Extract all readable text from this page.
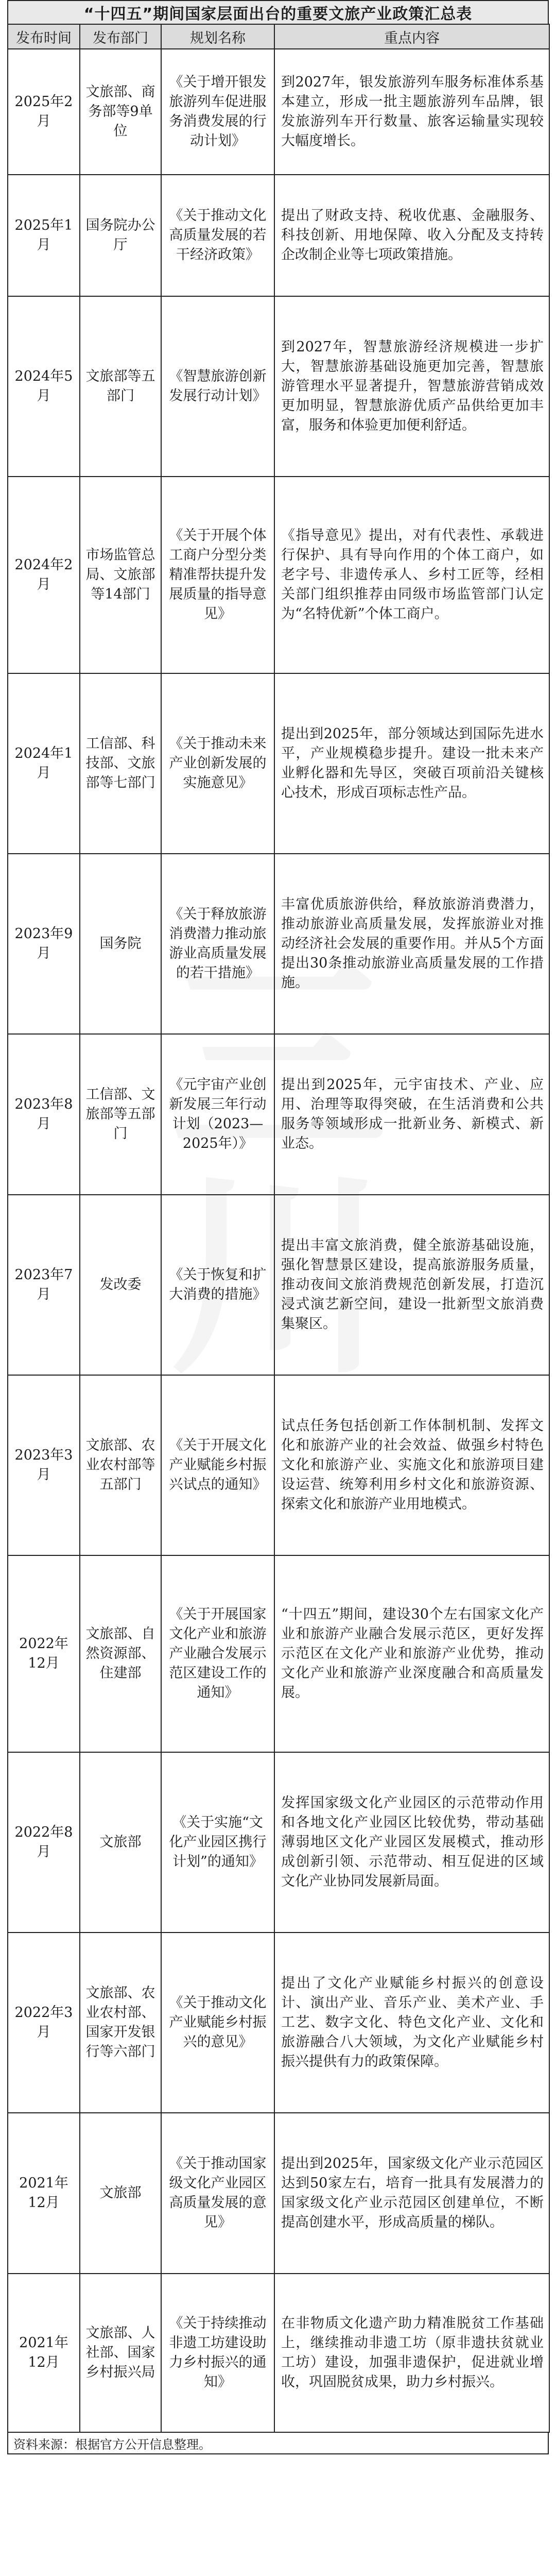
“十四五”期间国家层面出台的重要文旅产业政策汇总表
发布时间	发布部门	规划名称	重点内容
2025年2月	文旅部、商务部等9单位	《关于增开银发旅游列车促进服务消费发展的行动计划》	到2027年，银发旅游列车服务标准体系基本建立，形成一批主题旅游列车品牌，银发旅游列车开行数量、旅客运输量实现较大幅度增长。
2025年1月	国务院办公厅	《关于推动文化高质量发展的若干经济政策》	提出了财政支持、税收优惠、金融服务、科技创新、用地保障、收入分配及支持转企改制企业等七项政策措施。
2024年5月	文旅部等五部门	《智慧旅游创新发展行动计划》	到2027年，智慧旅游经济规模进一步扩大，智慧旅游基础设施更加完善，智慧旅游管理水平显著提升，智慧旅游营销成效更加明显，智慧旅游优质产品供给更加丰富，服务和体验更加便利舒适。
2024年2月	市场监管总局、文旅部等14部门	《关于开展个体工商户分型分类精准帮扶提升发展质量的指导意见》	《指导意见》提出，对有代表性、承载进行保护、具有导向作用的个体工商户，如老字号、非遗传承人、乡村工匠等，经相关部门组织推荐由同级市场监管部门认定为“名特优新”个体工商户。
2024年1月	工信部、科技部、文旅部等七部门	《关于推动未来产业创新发展的实施意见》	提出到2025年，部分领域达到国际先进水平，产业规模稳步提升。建设一批未来产业孵化器和先导区，突破百项前沿关键核心技术，形成百项标志性产品。
2023年9月	国务院	《关于释放旅游消费潜力推动旅游业高质量发展的若干措施》	丰富优质旅游供给，释放旅游消费潜力，推动旅游业高质量发展，发挥旅游业对推动经济社会发展的重要作用。并从5个方面提出30条推动旅游业高质量发展的工作措施。
2023年8月	工信部、文旅部等五部门	《元宇宙产业创新发展三年行动计划（2023—2025年）》	提出到2025年，元宇宙技术、产业、应用、治理等取得突破，在生活消费和公共服务等领域形成一批新业务、新模式、新业态。
2023年7月	发改委	《关于恢复和扩大消费的措施》	提出丰富文旅消费，健全旅游基础设施，强化智慧景区建设，提高旅游服务质量，推动夜间文旅消费规范创新发展，打造沉浸式演艺新空间，建设一批新型文旅消费集聚区。
2023年3月	文旅部、农业农村部等五部门	《关于开展文化产业赋能乡村振兴试点的通知》	试点任务包括创新工作体制机制、发挥文化和旅游产业的社会效益、做强乡村特色文化和旅游产业、实施文化和旅游项目建设运营、统筹利用乡村文化和旅游资源、探索文化和旅游产业用地模式。
2022年12月	文旅部、自然资源部、住建部	《关于开展国家文化产业和旅游产业融合发展示范区建设工作的通知》	“十四五”期间，建设30个左右国家文化产业和旅游产业融合发展示范区，更好发挥示范区在文化产业和旅游产业优势，推动文化产业和旅游产业深度融合和高质量发展。
2022年8月	文旅部	《关于实施“文化产业园区携行计划”的通知》	发挥国家级文化产业园区的示范带动作用和各地文化产业园区比较优势，带动基础薄弱地区文化产业园区发展模式，推动形成创新引领、示范带动、相互促进的区域文化产业协同发展新局面。
2022年3月	文旅部、农业农村部、国家开发银行等六部门	《关于推动文化产业赋能乡村振兴的意见》	提出了文化产业赋能乡村振兴的创意设计、演出产业、音乐产业、美术产业、手工艺、数字文化、特色文化产业、文化和旅游融合八大领域，为文化产业赋能乡村振兴提供有力的政策保障。
2021年12月	文旅部	《关于推动国家级文化产业园区高质量发展的意见》	提出到2025年，国家级文化产业示范园区达到50家左右，培育一批具有发展潜力的国家级文化产业示范园区创建单位，不断提高创建水平，形成高质量的梯队。
2021年12月	文旅部、人社部、国家乡村振兴局	《关于持续推动非遗工坊建设助力乡村振兴的通知》	在非物质文化遗产助力精准脱贫工作基础上，继续推动非遗工坊（原非遗扶贫就业工坊）建设，加强非遗保护，促进就业增收，巩固脱贫成果，助力乡村振兴。
资料来源：根据官方公开信息整理。
